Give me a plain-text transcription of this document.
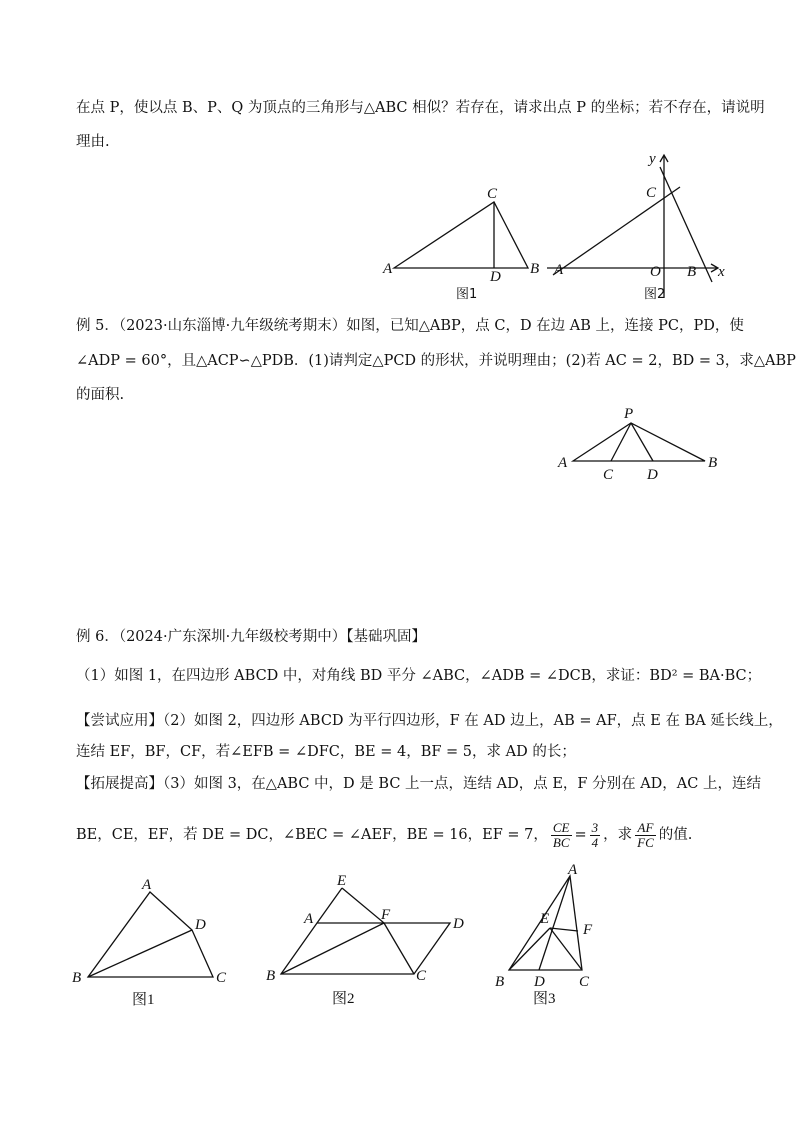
在点 P，使以点 B、P、Q 为顶点的三角形与△ABC 相似？若存在，请求出点 P 的坐标；若不存在，请说明
理由.
C
A	D B
图1
y
C
A	O B x
图2
例 5．（2023·山东淄博·九年级统考期末）如图，已知△ABP，点 C，D 在边 AB 上，连接 PC，PD，使
∠ADP = 60°，且△ACP∽△PDB．(1)请判定△PCD 的形状，并说明理由；(2)若 AC = 2，BD = 3，求△ABP
的面积.
P
A
C D
B
例 6．（2024·广东深圳·九年级校考期中）【基础巩固】
（1）如图 1，在四边形 ABCD 中，对角线 BD 平分 ∠ABC，∠ADB = ∠DCB，求证：BD² = BA·BC；
【尝试应用】（2）如图 2，四边形 ABCD 为平行四边形，F 在 AD 边上，AB = AF，点 E 在 BA 延长线上，
连结 EF，BF，CF，若∠EFB = ∠DFC，BE = 4，BF = 5，求 AD 的长；
【拓展提高】（3）如图 3，在△ABC 中，D 是 BC 上一点，连结 AD，点 E，F 分别在 AD，AC 上，连结
BE，CE，EF，若 DE = DC，∠BEC = ∠AEF，BE = 16，EF = 7， $\frac{CE}{BC} = \frac{3}{4}$ ，求 $\frac{AF}{FC}$ 的值.
A
D
B	C
图1
E
A	F
D
B	C
图2
A
E
F
B D C
图3
